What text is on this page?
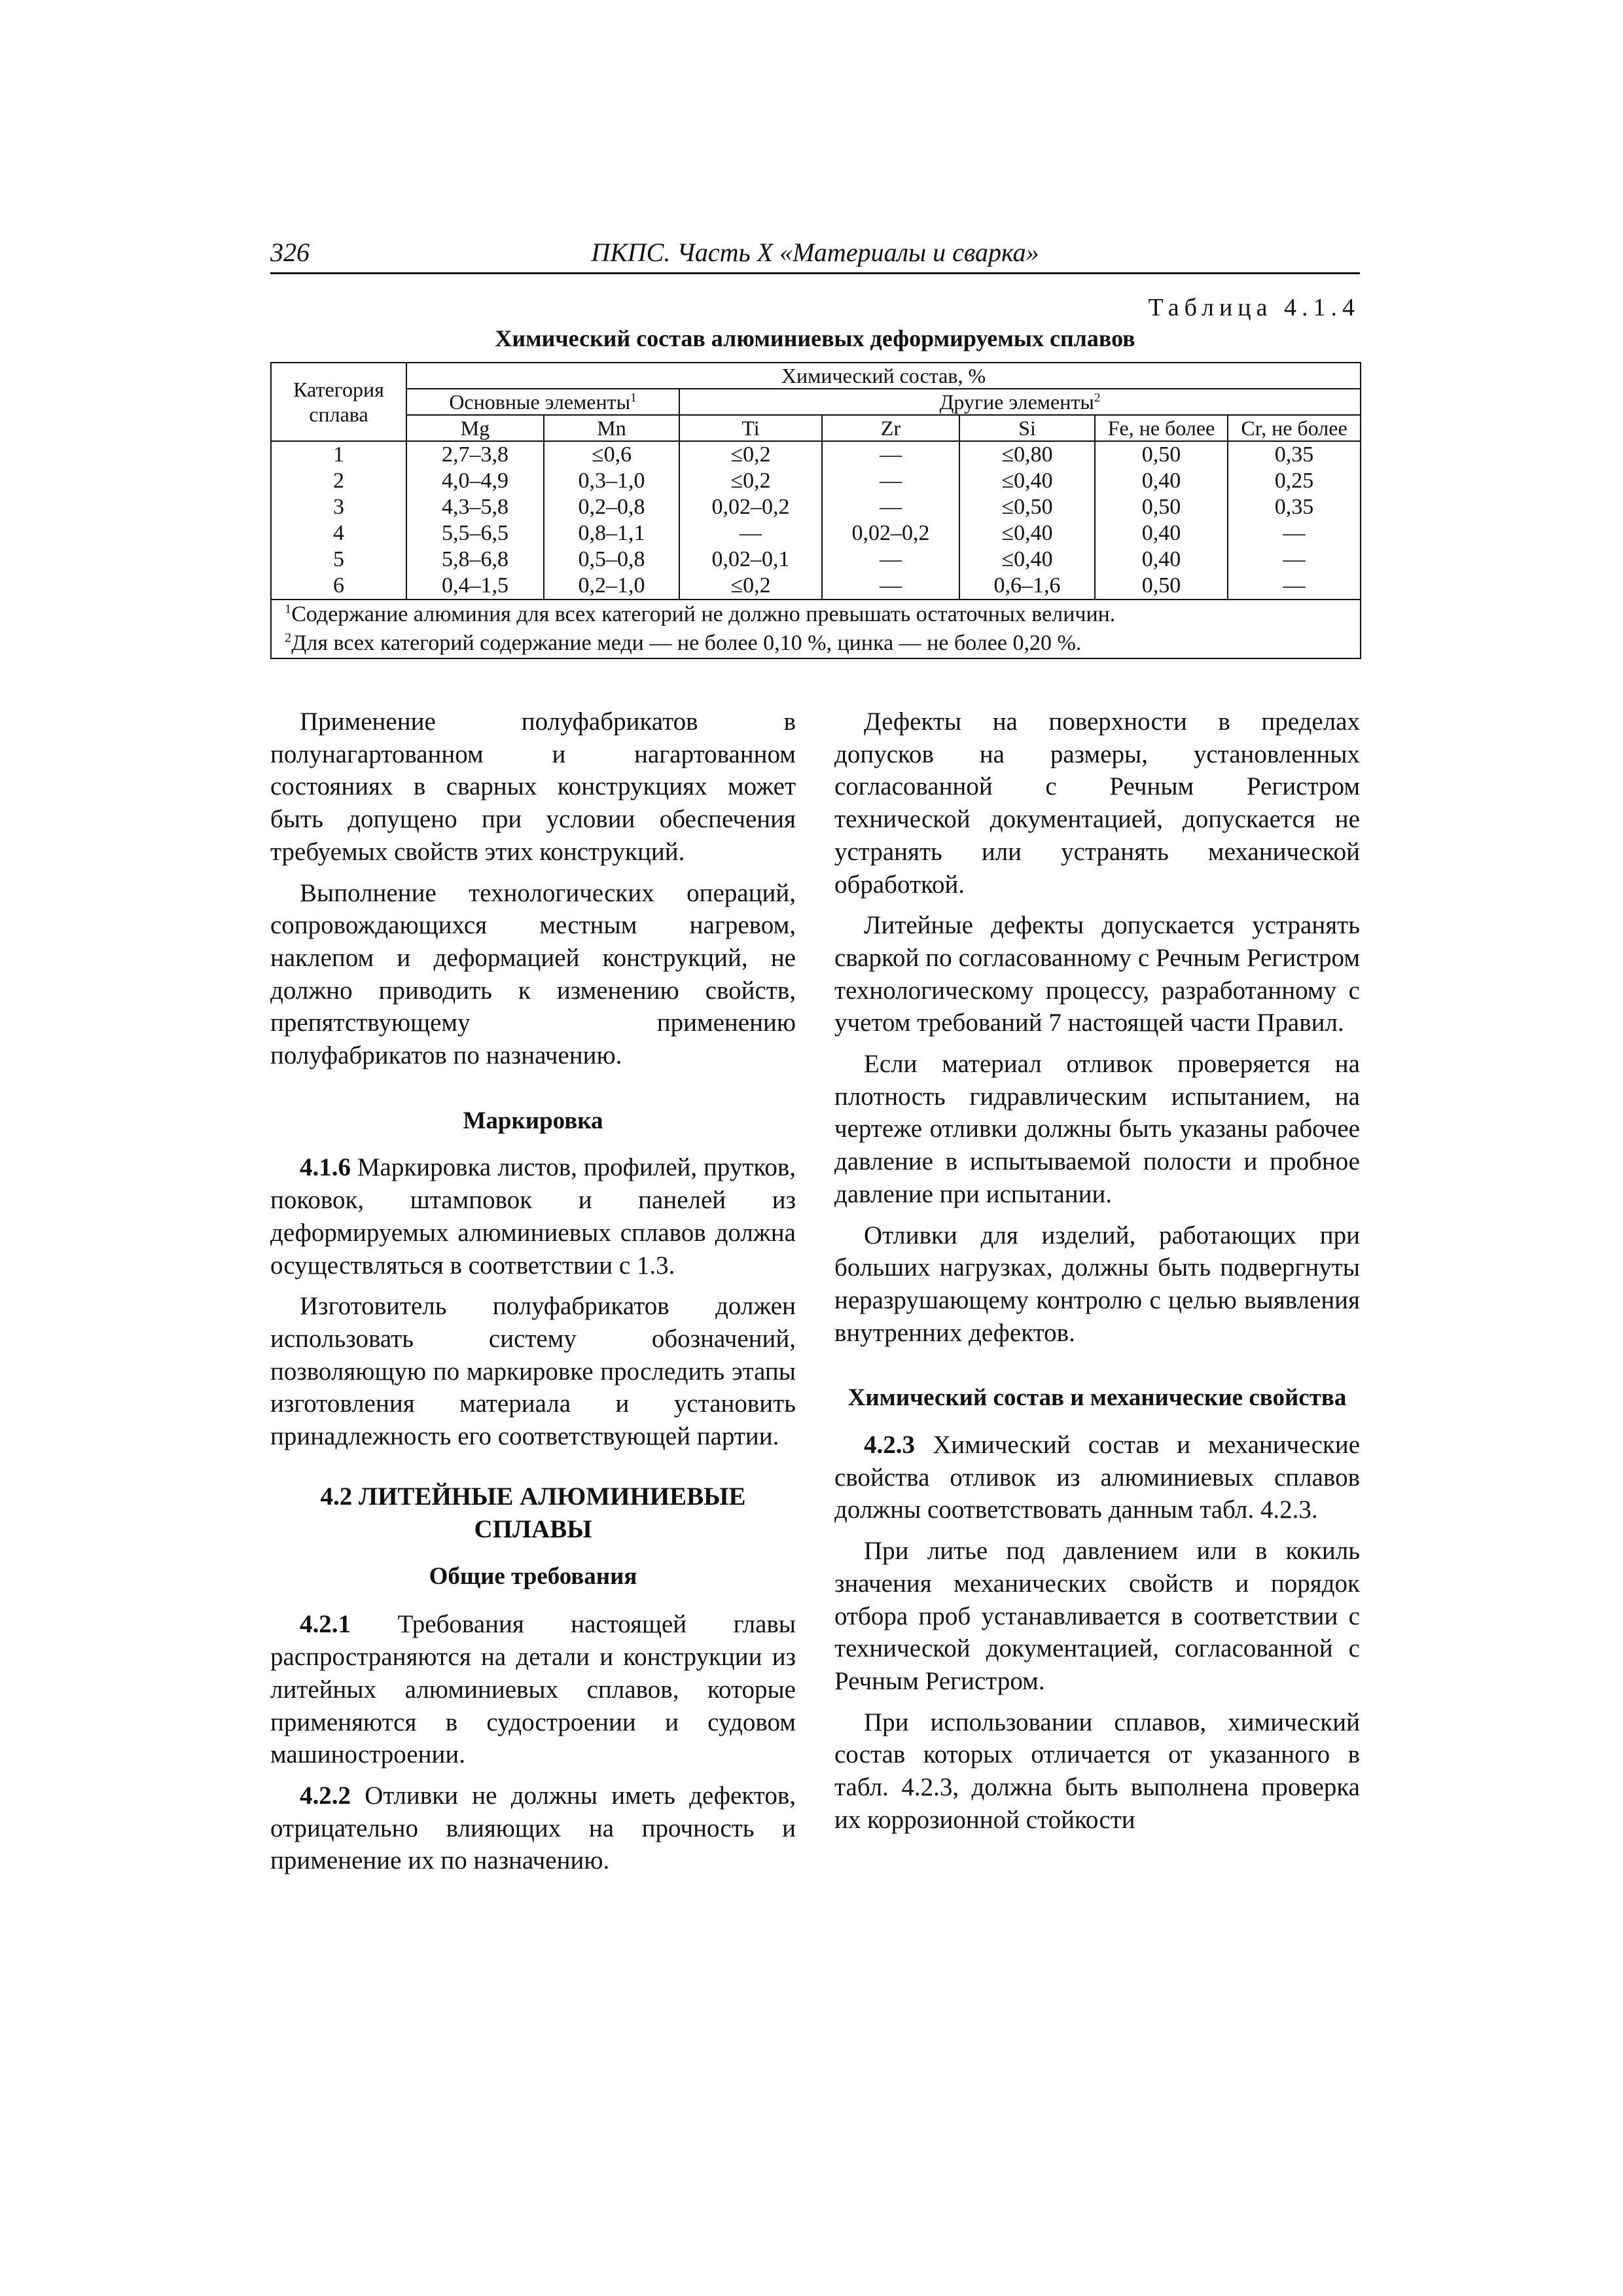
326	ПКПС. Часть X «Материалы и сварка»
Таблица 4.1.4
Химический состав алюминиевых деформируемых сплавов
Категория сплава	Химический состав, %						
	Основные элементы$^1$		Другие элементы$^2$
	Mg	Mn	Ti	Zr	Si	Fe, не более	Cr, не более
1	2,7–3,8	≤0,6	≤0,2	—	≤0,80	0,50	0,35
2	4,0–4,9	0,3–1,0	≤0,2	—	≤0,40	0,40	0,25
3	4,3–5,8	0,2–0,8	0,02–0,2	—	≤0,50	0,50	0,35
4	5,5–6,5	0,8–1,1	—	0,02–0,2	≤0,40	0,40	—
5	5,8–6,8	0,5–0,8	0,02–0,1	—	≤0,40	0,40	—
6	0,4–1,5	0,2–1,0	≤0,2	—	0,6–1,6	0,50	—

$^1$Содержание алюминия для всех категорий не должно превышать остаточных величин.
$^2$Для всех категорий содержание меди — не более 0,10 %, цинка — не более 0,20 %.							

Применение полуфабрикатов в полунагартованном и нагартованном состояниях в сварных конструкциях может быть допущено при условии обеспечения требуемых свойств этих конструкций.

Выполнение технологических операций, сопровождающихся местным нагревом, наклепом и деформацией конструкций, не должно приводить к изменению свойств, препятствующему применению полуфабрикатов по назначению.

Маркировка

4.1.6 Маркировка листов, профилей, прутков, поковок, штамповок и панелей из деформируемых алюминиевых сплавов должна осуществляться в соответствии с 1.3.

Изготовитель полуфабрикатов должен использовать систему обозначений, позволяющую по маркировке проследить этапы изготовления материала и установить принадлежность его соответствующей партии.

4.2 ЛИТЕЙНЫЕ АЛЮМИНИЕВЫЕ СПЛАВЫ
Общие требования

4.2.1 Требования настоящей главы распространяются на детали и конструкции из литейных алюминиевых сплавов, которые применяются в судостроении и судовом машиностроении.

4.2.2 Отливки не должны иметь дефектов, отрицательно влияющих на прочность и применение их по назначению.

Дефекты на поверхности в пределах допусков на размеры, установленных согласованной с Речным Регистром технической документацией, допускается не устранять или устранять механической обработкой.

Литейные дефекты допускается устранять сваркой по согласованному с Речным Регистром технологическому процессу, разработанному с учетом требований 7 настоящей части Правил.

Если материал отливок проверяется на плотность гидравлическим испытанием, на чертеже отливки должны быть указаны рабочее давление в испытываемой полости и пробное давление при испытании.

Отливки для изделий, работающих при больших нагрузках, должны быть подвергнуты неразрушающему контролю с целью выявления внутренних дефектов.

Химический состав и механические свойства

4.2.3 Химический состав и механические свойства отливок из алюминиевых сплавов должны соответствовать данным табл. 4.2.3.

При литье под давлением или в кокиль значения механических свойств и порядок отбора проб устанавливается в соответствии с технической документацией, согласованной с Речным Регистром.

При использовании сплавов, химический состав которых отличается от указанного в табл. 4.2.3, должна быть выполнена проверка их коррозионной стойкости
